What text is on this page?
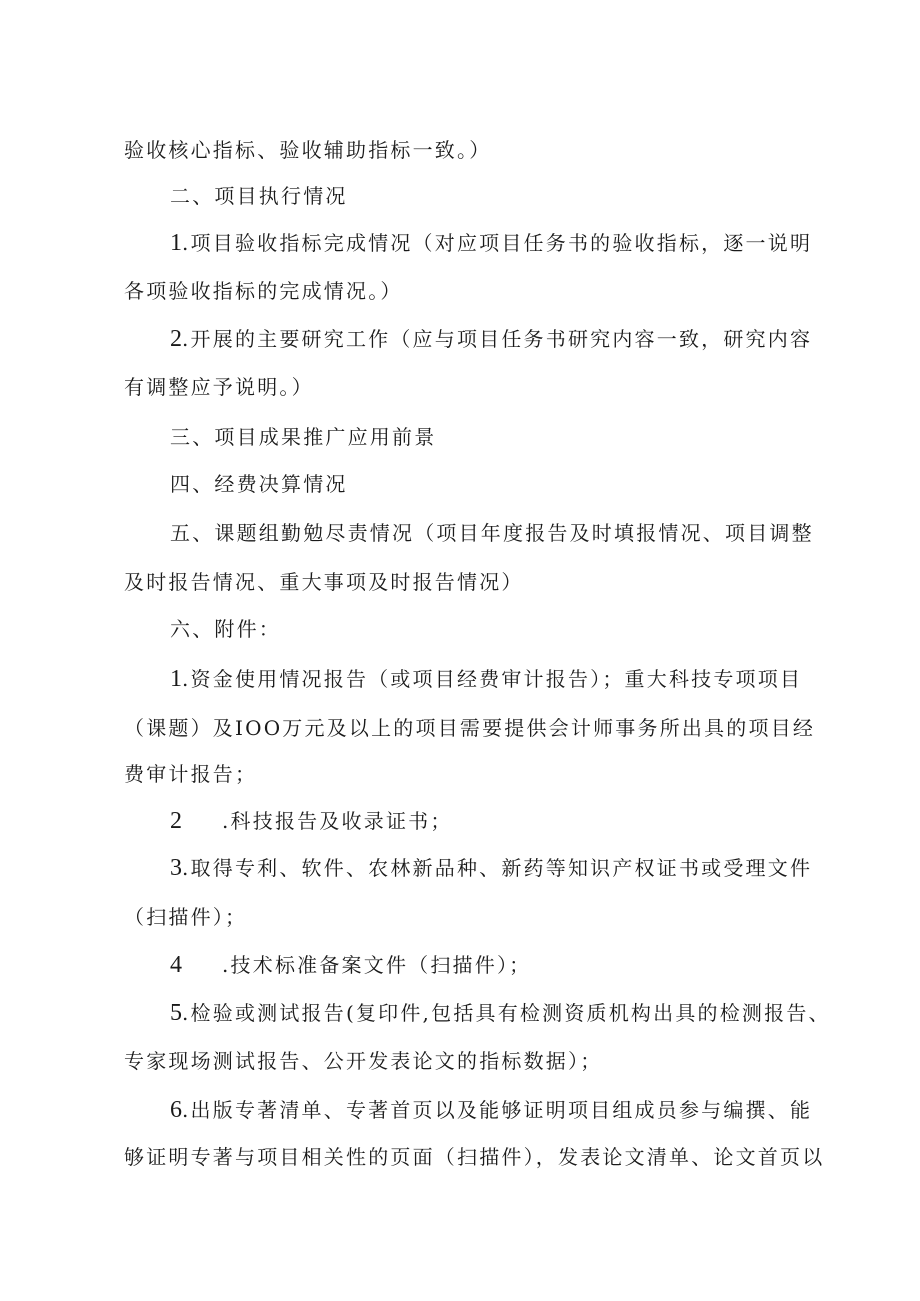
验收核心指标、验收辅助指标一致。）
二、项目执行情况
1.项目验收指标完成情况（对应项目任务书的验收指标，逐一说明
各项验收指标的完成情况。）
2.开展的主要研究工作（应与项目任务书研究内容一致，研究内容
有调整应予说明。）
三、项目成果推广应用前景
四、经费决算情况
五、课题组勤勉尽责情况（项目年度报告及时填报情况、项目调整
及时报告情况、重大事项及时报告情况）
六、附件：
1.资金使用情况报告（或项目经费审计报告）；重大科技专项项目
（课题）及IOO万元及以上的项目需要提供会计师事务所出具的项目经
费审计报告；
2 .科技报告及收录证书；
3.取得专利、软件、农林新品种、新药等知识产权证书或受理文件
（扫描件）；
4 .技术标准备案文件（扫描件）；
5.检验或测试报告(复印件,包括具有检测资质机构出具的检测报告、
专家现场测试报告、公开发表论文的指标数据）；
6.出版专著清单、专著首页以及能够证明项目组成员参与编撰、能
够证明专著与项目相关性的页面（扫描件），发表论文清单、论文首页以
